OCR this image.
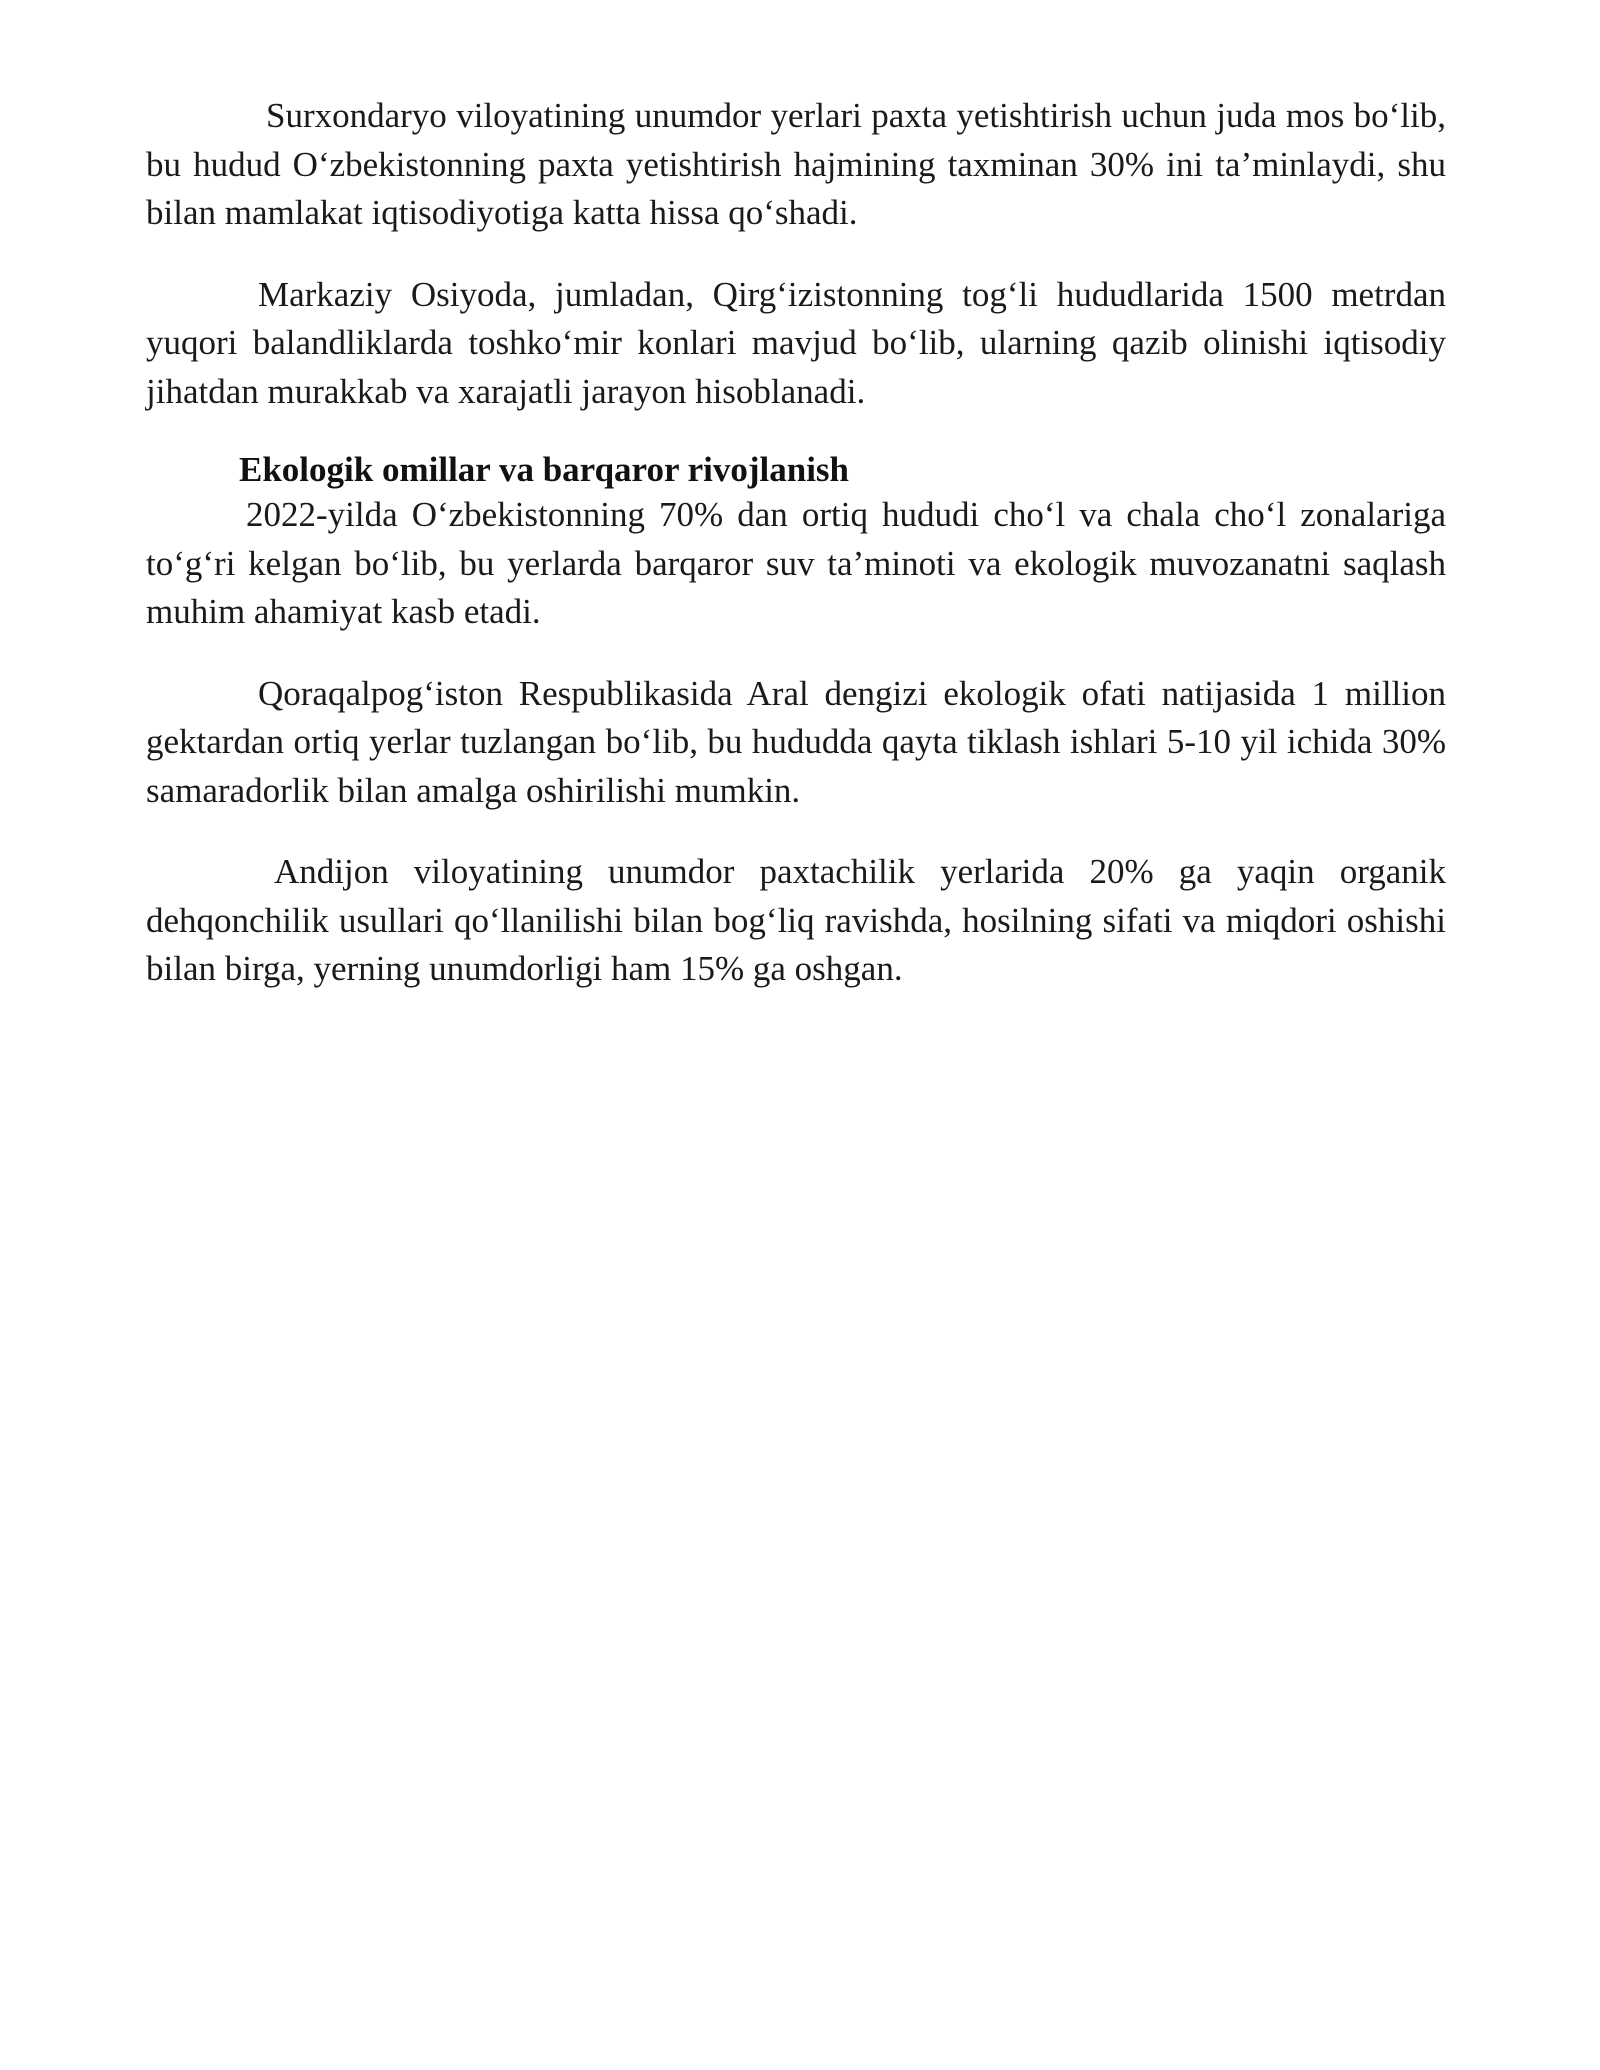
Surxondaryo viloyatining unumdor yerlari paxta yetishtirish uchun juda mos bo‘lib, bu hudud O‘zbekistonning paxta yetishtirish hajmining taxminan 30% ini ta’minlaydi, shu bilan mamlakat iqtisodiyotiga katta hissa qo‘shadi.

Markaziy Osiyoda, jumladan, Qirg‘izistonning tog‘li hududlarida 1500 metrdan yuqori balandliklarda toshko‘mir konlari mavjud bo‘lib, ularning qazib olinishi iqtisodiy jihatdan murakkab va xarajatli jarayon hisoblanadi.

Ekologik omillar va barqaror rivojlanish

2022-yilda O‘zbekistonning 70% dan ortiq hududi cho‘l va chala cho‘l zonalariga to‘g‘ri kelgan bo‘lib, bu yerlarda barqaror suv ta’minoti va ekologik muvozanatni saqlash muhim ahamiyat kasb etadi.

Qoraqalpog‘iston Respublikasida Aral dengizi ekologik ofati natijasida 1 million gektardan ortiq yerlar tuzlangan bo‘lib, bu hududda qayta tiklash ishlari 5-10 yil ichida 30% samaradorlik bilan amalga oshirilishi mumkin.

Andijon viloyatining unumdor paxtachilik yerlarida 20% ga yaqin organik dehqonchilik usullari qo‘llanilishi bilan bog‘liq ravishda, hosilning sifati va miqdori oshishi bilan birga, yerning unumdorligi ham 15% ga oshgan.
